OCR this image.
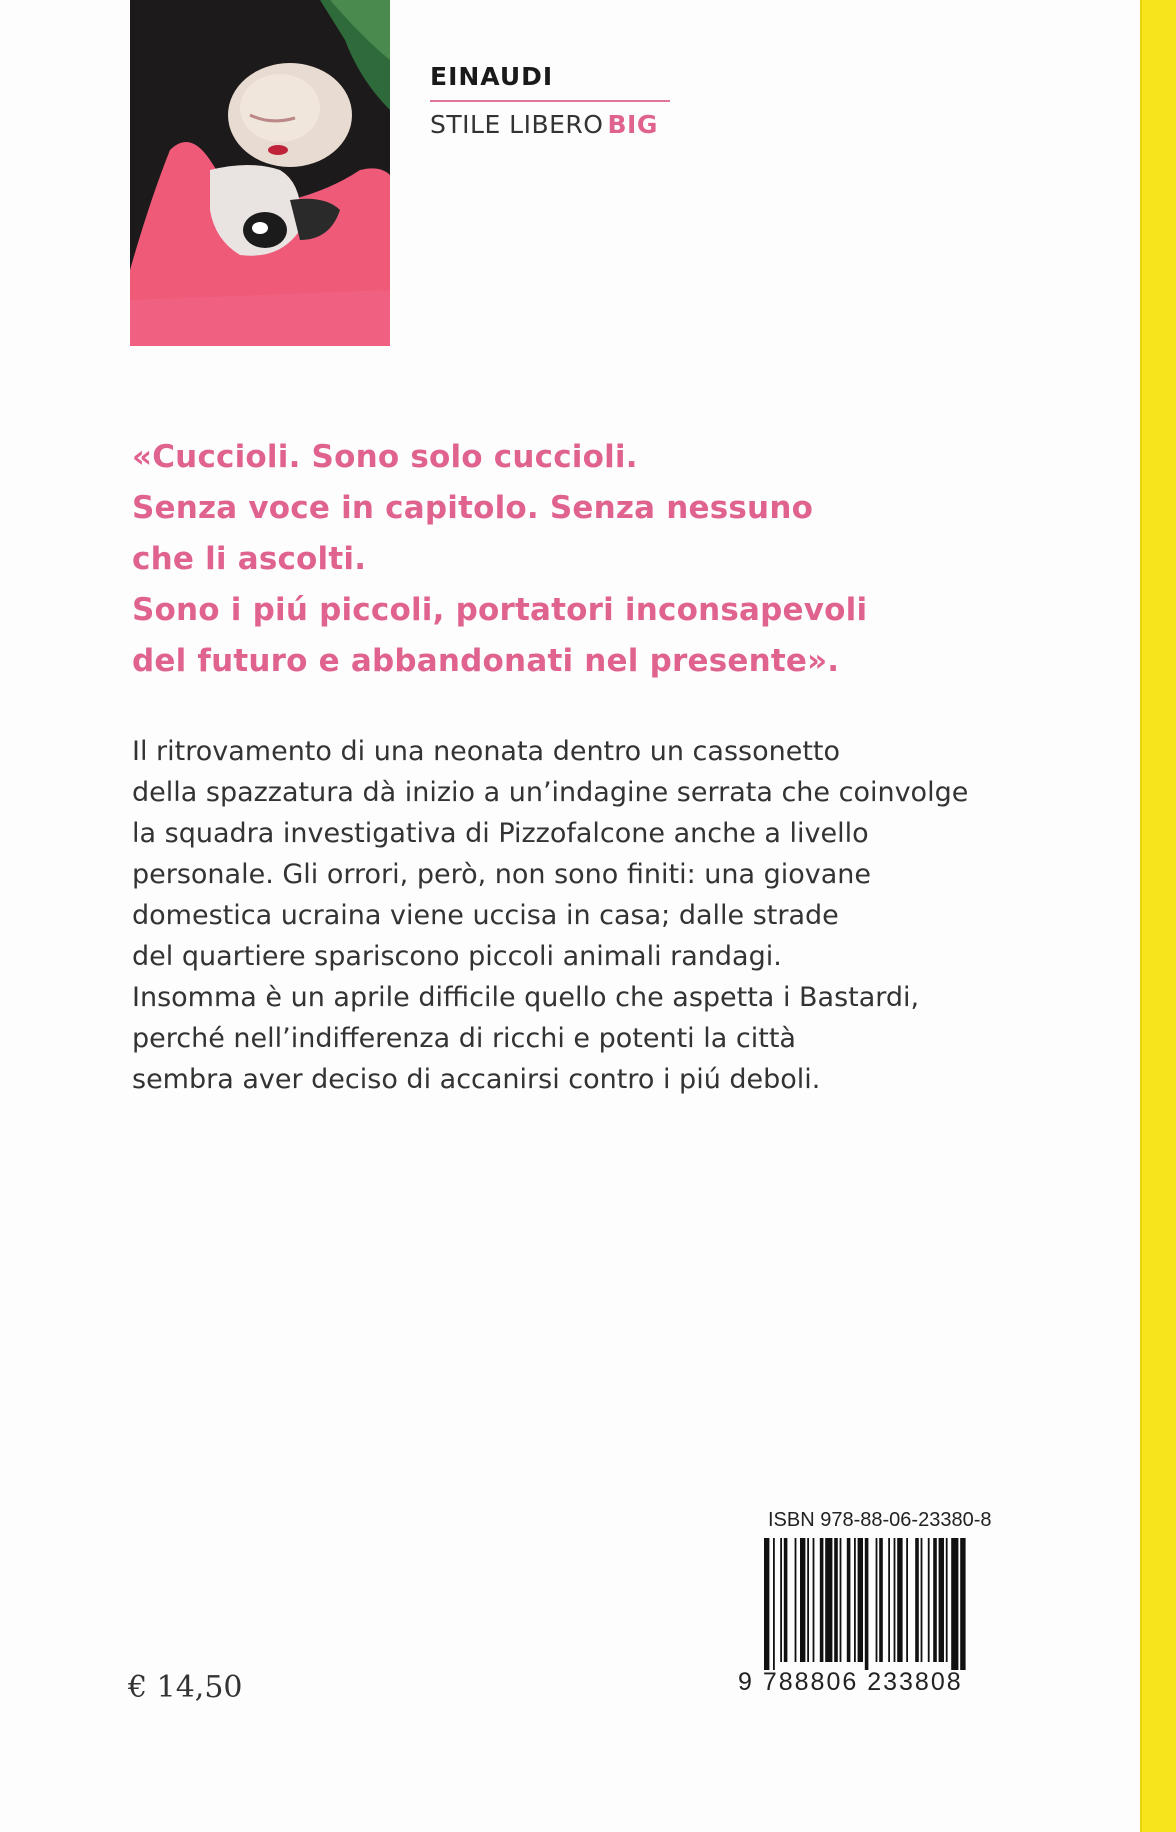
EINAUDI
STILE LIBERO BIG
«Cuccioli. Sono solo cuccioli.
Senza voce in capitolo. Senza nessuno
che li ascolti.
Sono i piú piccoli, portatori inconsapevoli
del futuro e abbandonati nel presente».
Il ritrovamento di una neonata dentro un cassonetto
della spazzatura dà inizio a un’indagine serrata che coinvolge
la squadra investigativa di Pizzofalcone anche a livello
personale. Gli orrori, però, non sono finiti: una giovane
domestica ucraina viene uccisa in casa; dalle strade
del quartiere spariscono piccoli animali randagi.
Insomma è un aprile difficile quello che aspetta i Bastardi,
perché nell’indifferenza di ricchi e potenti la città
sembra aver deciso di accanirsi contro i piú deboli.
ISBN 978-88-06-23380-8
9 788806 233808
€ 14,50
